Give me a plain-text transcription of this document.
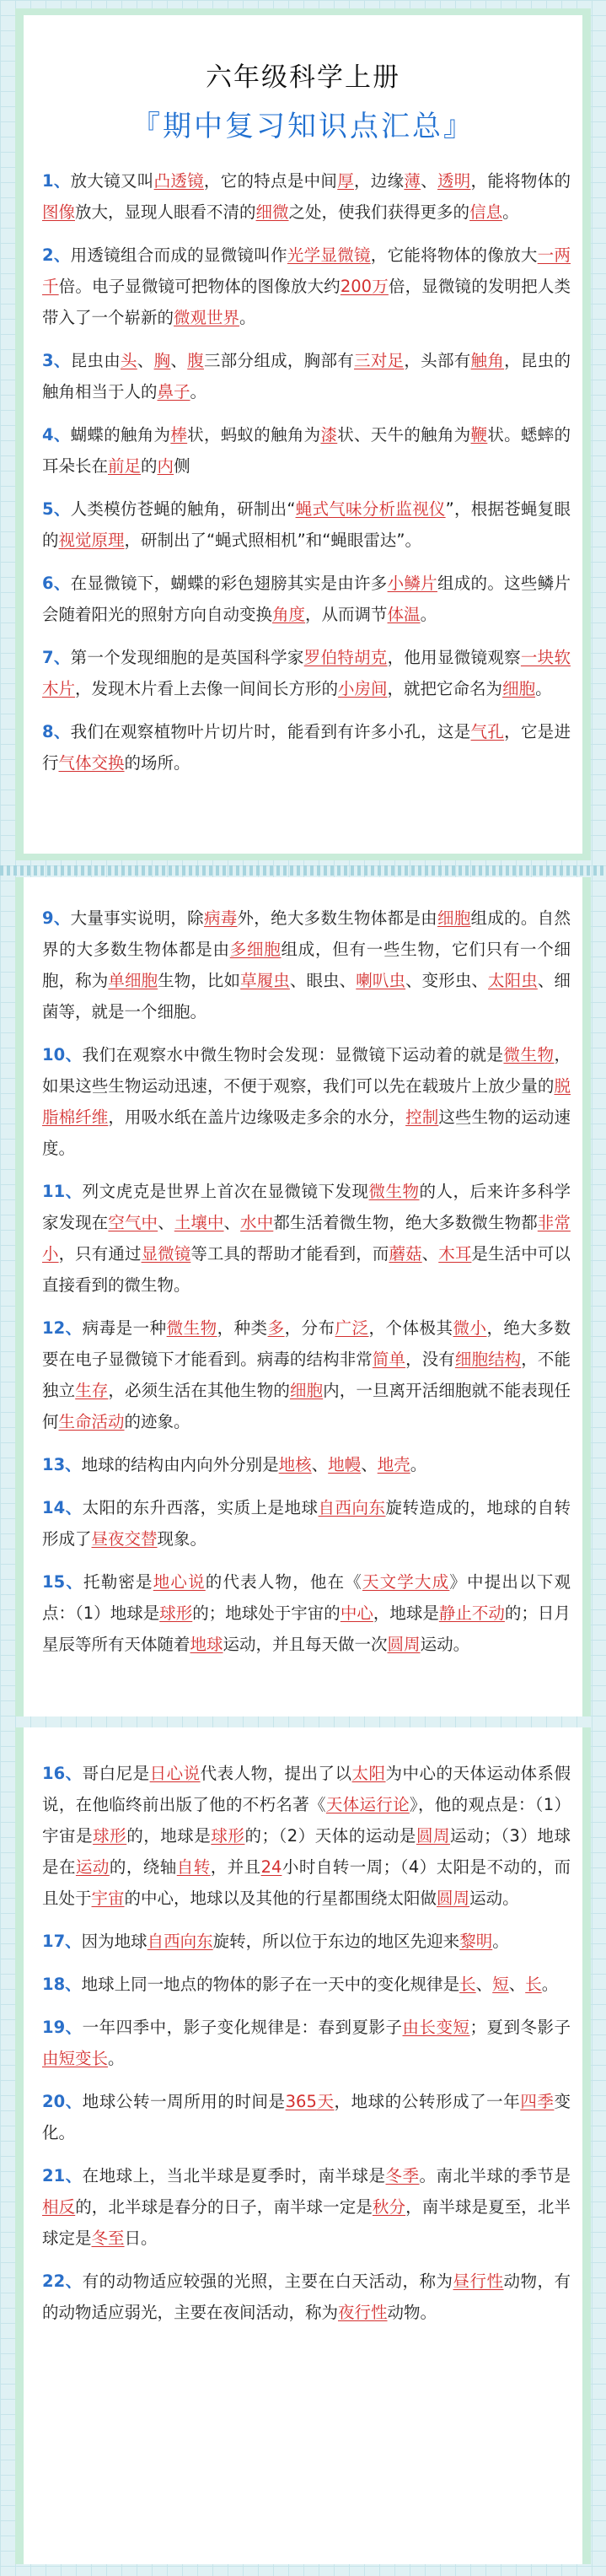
六年级科学上册
『期中复习知识点汇总』
1、放大镜又叫凸透镜，它的特点是中间厚，边缘薄、透明，能将物体的图像放大，显现人眼看不清的细微之处，使我们获得更多的信息。
2、用透镜组合而成的显微镜叫作光学显微镜，它能将物体的像放大一两千倍。电子显微镜可把物体的图像放大约200万倍，显微镜的发明把人类带入了一个崭新的微观世界。
3、昆虫由头、胸、腹三部分组成，胸部有三对足，头部有触角，昆虫的触角相当于人的鼻子。
4、蝴蝶的触角为棒状，蚂蚁的触角为漆状、天牛的触角为鞭状。蟋蟀的耳朵长在前足的内侧
5、人类模仿苍蝇的触角，研制出“蝇式气味分析监视仪”，根据苍蝇复眼的视觉原理，研制出了“蝇式照相机”和“蝇眼雷达”。
6、在显微镜下，蝴蝶的彩色翅膀其实是由许多小鳞片组成的。这些鳞片会随着阳光的照射方向自动变换角度，从而调节体温。
7、第一个发现细胞的是英国科学家罗伯特胡克，他用显微镜观察一块软木片，发现木片看上去像一间间长方形的小房间，就把它命名为细胞。
8、我们在观察植物叶片切片时，能看到有许多小孔，这是气孔，它是进行气体交换的场所。
9、大量事实说明，除病毒外，绝大多数生物体都是由细胞组成的。自然界的大多数生物体都是由多细胞组成，但有一些生物，它们只有一个细胞，称为单细胞生物，比如草履虫、眼虫、喇叭虫、变形虫、太阳虫、细菌等，就是一个细胞。
10、我们在观察水中微生物时会发现：显微镜下运动着的就是微生物，如果这些生物运动迅速，不便于观察，我们可以先在载玻片上放少量的脱脂棉纤维，用吸水纸在盖片边缘吸走多余的水分，控制这些生物的运动速度。
11、列文虎克是世界上首次在显微镜下发现微生物的人，后来许多科学家发现在空气中、土壤中、水中都生活着微生物，绝大多数微生物都非常小，只有通过显微镜等工具的帮助才能看到，而蘑菇、木耳是生活中可以直接看到的微生物。
12、病毒是一种微生物，种类多，分布广泛，个体极其微小，绝大多数要在电子显微镜下才能看到。病毒的结构非常简单，没有细胞结构，不能独立生存，必须生活在其他生物的细胞内，一旦离开活细胞就不能表现任何生命活动的迹象。
13、地球的结构由内向外分别是地核、地幔、地壳。
14、太阳的东升西落，实质上是地球自西向东旋转造成的，地球的自转形成了昼夜交替现象。
15、托勒密是地心说的代表人物，他在《天文学大成》中提出以下观点：（1）地球是球形的；地球处于宇宙的中心，地球是静止不动的；日月星辰等所有天体随着地球运动，并且每天做一次圆周运动。
16、哥白尼是日心说代表人物，提出了以太阳为中心的天体运动体系假说，在他临终前出版了他的不朽名著《天体运行论》，他的观点是：（1）宇宙是球形的，地球是球形的；（2）天体的运动是圆周运动；（3）地球是在运动的，绕轴自转，并且24小时自转一周；（4）太阳是不动的，而且处于宇宙的中心，地球以及其他的行星都围绕太阳做圆周运动。
17、因为地球自西向东旋转，所以位于东边的地区先迎来黎明。
18、地球上同一地点的物体的影子在一天中的变化规律是长、短、长。
19、一年四季中，影子变化规律是：春到夏影子由长变短；夏到冬影子由短变长。
20、地球公转一周所用的时间是365天，地球的公转形成了一年四季变化。
21、在地球上，当北半球是夏季时，南半球是冬季。南北半球的季节是相反的，北半球是春分的日子，南半球一定是秋分，南半球是夏至，北半球定是冬至日。
22、有的动物适应较强的光照，主要在白天活动，称为昼行性动物，有的动物适应弱光，主要在夜间活动，称为夜行性动物。
